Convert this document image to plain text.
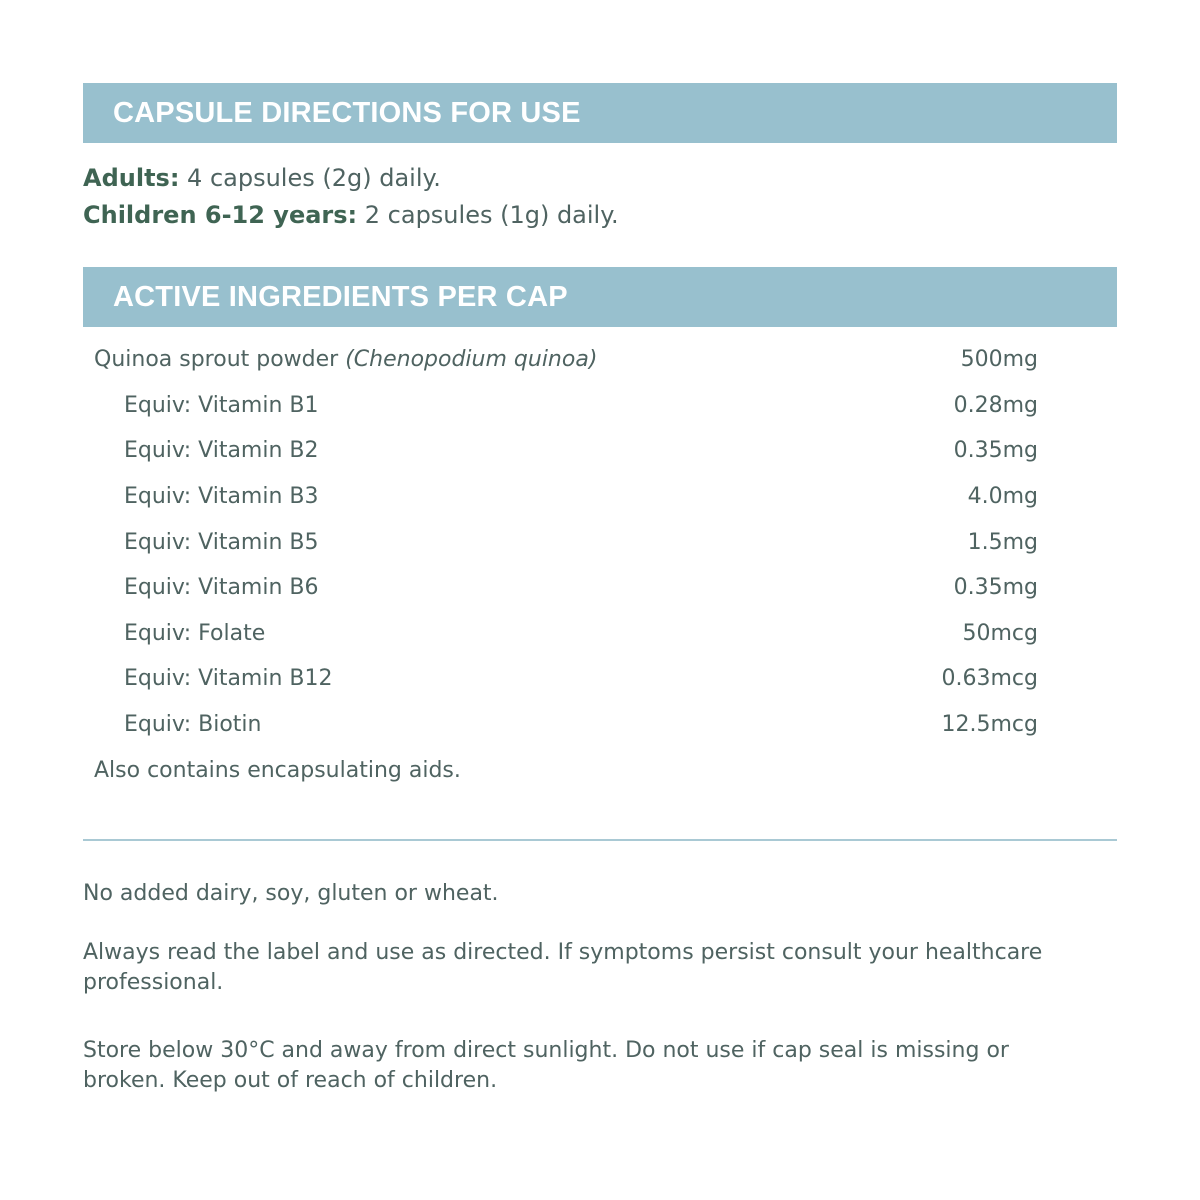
CAPSULE DIRECTIONS FOR USE
Adults: 4 capsules (2g) daily.
Children 6-12 years: 2 capsules (1g) daily.
ACTIVE INGREDIENTS PER CAP
Quinoa sprout powder (Chenopodium quinoa)	500mg
Equiv: Vitamin B1	0.28mg
Equiv: Vitamin B2	0.35mg
Equiv: Vitamin B3	4.0mg
Equiv: Vitamin B5	1.5mg
Equiv: Vitamin B6	0.35mg
Equiv: Folate	50mcg
Equiv: Vitamin B12	0.63mcg
Equiv: Biotin	12.5mcg
Also contains encapsulating aids.
No added dairy, soy, gluten or wheat.
Always read the label and use as directed. If symptoms persist consult your healthcare professional.
Store below 30°C and away from direct sunlight. Do not use if cap seal is missing or broken. Keep out of reach of children.
